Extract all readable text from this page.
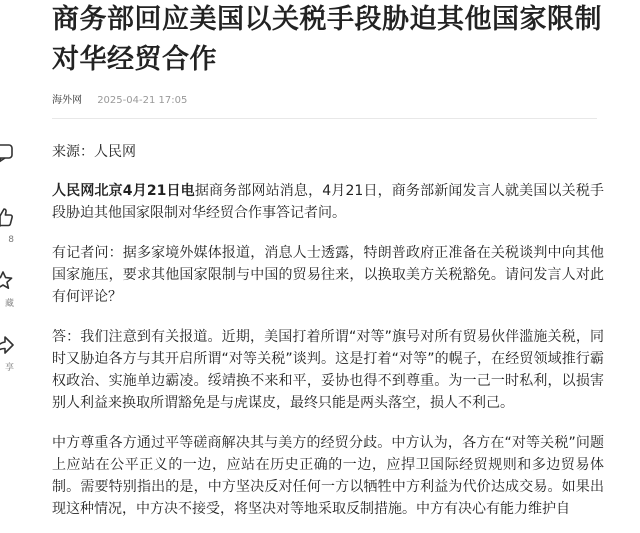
8
藏
享
商务部回应美国以关税手段胁迫其他国家限制对华经贸合作
海外网 2025-04-21 17:05

来源：人民网

人民网北京4月21日电据商务部网站消息，4月21日，商务部新闻发言人就美国以关税手段胁迫其他国家限制对华经贸合作事答记者问。

有记者问：据多家境外媒体报道，消息人士透露，特朗普政府正准备在关税谈判中向其他国家施压，要求其他国家限制与中国的贸易往来，以换取美方关税豁免。请问发言人对此有何评论？

答：我们注意到有关报道。近期，美国打着所谓“对等”旗号对所有贸易伙伴滥施关税，同时又胁迫各方与其开启所谓“对等关税”谈判。这是打着“对等”的幌子，在经贸领域推行霸权政治、实施单边霸凌。绥靖换不来和平，妥协也得不到尊重。为一己一时私利，以损害别人利益来换取所谓豁免是与虎谋皮，最终只能是两头落空，损人不利己。

中方尊重各方通过平等磋商解决其与美方的经贸分歧。中方认为，各方在“对等关税”问题上应站在公平正义的一边，应站在历史正确的一边，应捍卫国际经贸规则和多边贸易体制。需要特别指出的是，中方坚决反对任何一方以牺牲中方利益为代价达成交易。如果出现这种情况，中方决不接受，将坚决对等地采取反制措施。中方有决心有能力维护自
